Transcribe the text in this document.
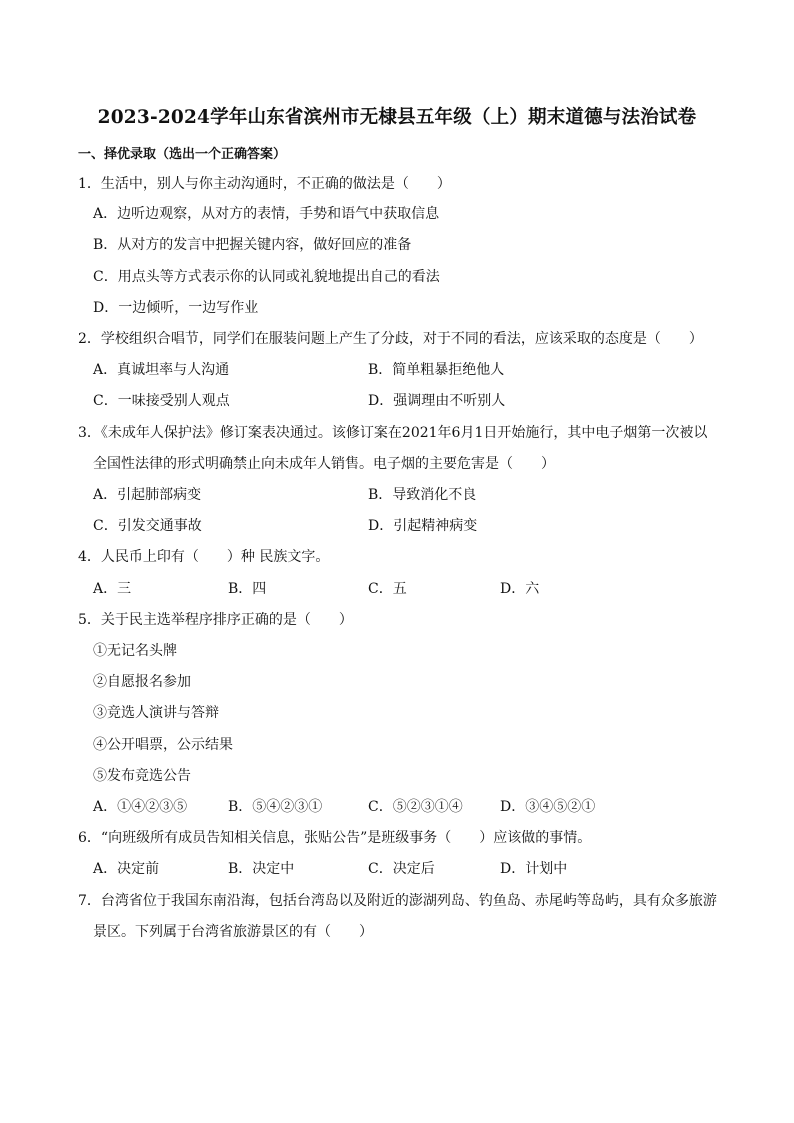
2023-2024学年山东省滨州市无棣县五年级（上）期末道德与法治试卷
一、择优录取（选出一个正确答案）
1．生活中，别人与你主动沟通时，不正确的做法是（　　）
A．边听边观察，从对方的表情，手势和语气中获取信息
B．从对方的发言中把握关键内容，做好回应的准备
C．用点头等方式表示你的认同或礼貌地提出自己的看法
D．一边倾听，一边写作业
2．学校组织合唱节，同学们在服装问题上产生了分歧，对于不同的看法，应该采取的态度是（　　）
A．真诚坦率与人沟通	B．简单粗暴拒绝他人
C．一味接受别人观点	D．强调理由不听别人
3．《未成年人保护法》修订案表决通过。该修订案在2021年6月1日开始施行，其中电子烟第一次被以
全国性法律的形式明确禁止向未成年人销售。电子烟的主要危害是（　　）
A．引起肺部病变	B．导致消化不良
C．引发交通事故	D．引起精神病变
4．人民币上印有（　　）种 民族文字。
A．三	B．四	C．五	D．六
5．关于民主选举程序排序正确的是（　　）
①无记名头牌
②自愿报名参加
③竞选人演讲与答辩
④公开唱票，公示结果
⑤发布竞选公告
A．①④②③⑤	B．⑤④②③①	C．⑤②③①④	D．③④⑤②①
6．“向班级所有成员告知相关信息，张贴公告”是班级事务（　　）应该做的事情。
A．决定前	B．决定中	C．决定后	D．计划中
7．台湾省位于我国东南沿海，包括台湾岛以及附近的澎湖列岛、钓鱼岛、赤尾屿等岛屿，具有众多旅游
景区。下列属于台湾省旅游景区的有（　　）
